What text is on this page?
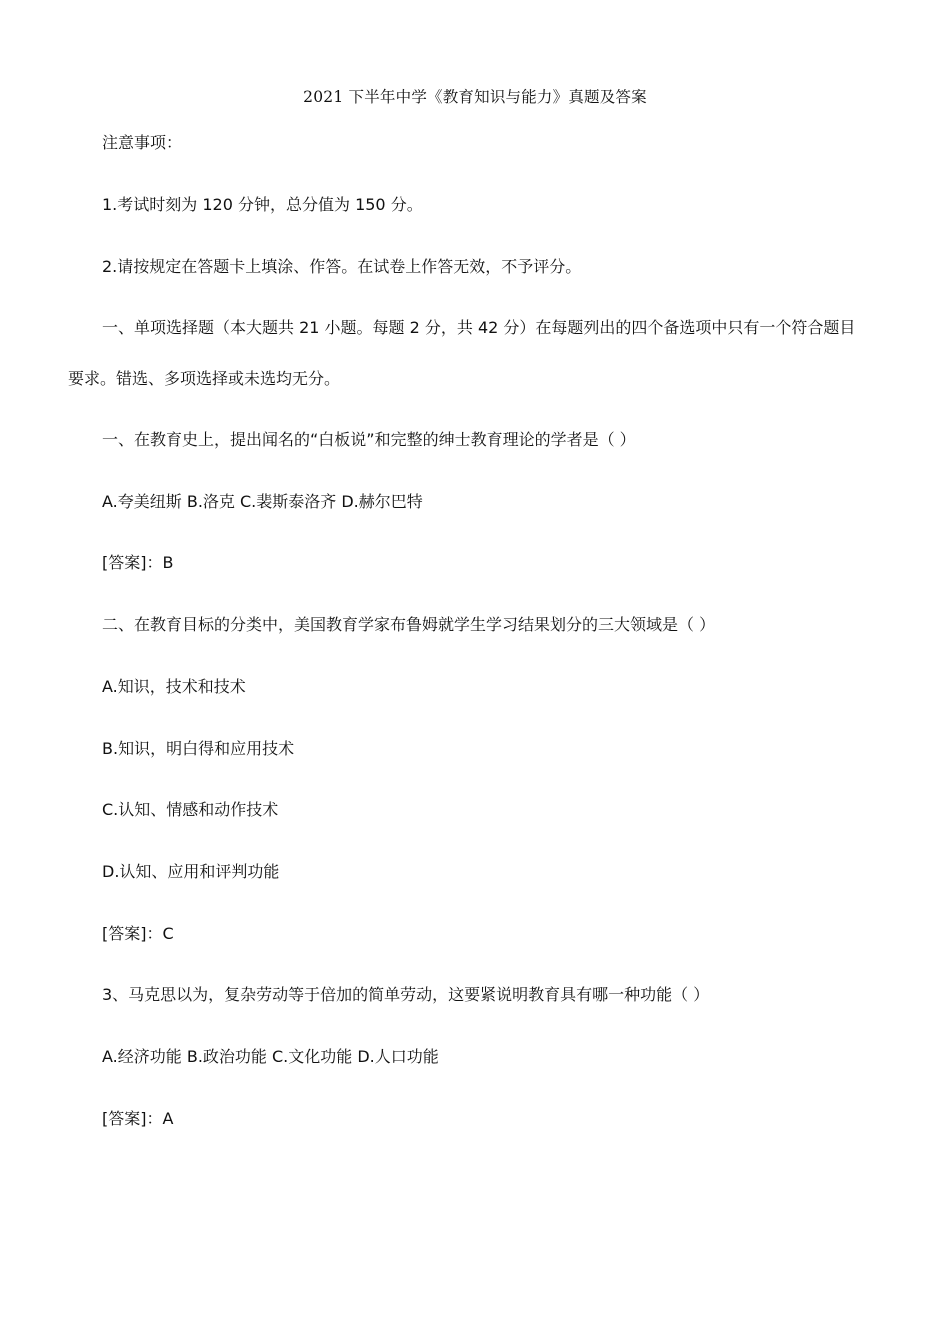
2021 下半年中学《教育知识与能力》真题及答案
注意事项：
1.考试时刻为 120 分钟，总分值为 150 分。
2.请按规定在答题卡上填涂、作答。在试卷上作答无效，不予评分。
一、单项选择题（本大题共 21 小题。每题 2 分，共 42 分）在每题列出的四个备选项中只有一个符合题目
要求。错选、多项选择或未选均无分。
一、在教育史上，提出闻名的“白板说”和完整的绅士教育理论的学者是（ ）
A.夸美纽斯 B.洛克 C.裴斯泰洛齐 D.赫尔巴特
[答案]：B
二、在教育目标的分类中，美国教育学家布鲁姆就学生学习结果划分的三大领域是（ ）
A.知识，技术和技术
B.知识，明白得和应用技术
C.认知、情感和动作技术
D.认知、应用和评判功能
[答案]：C
3、马克思以为，复杂劳动等于倍加的简单劳动，这要紧说明教育具有哪一种功能（ ）
A.经济功能 B.政治功能 C.文化功能 D.人口功能
[答案]：A
